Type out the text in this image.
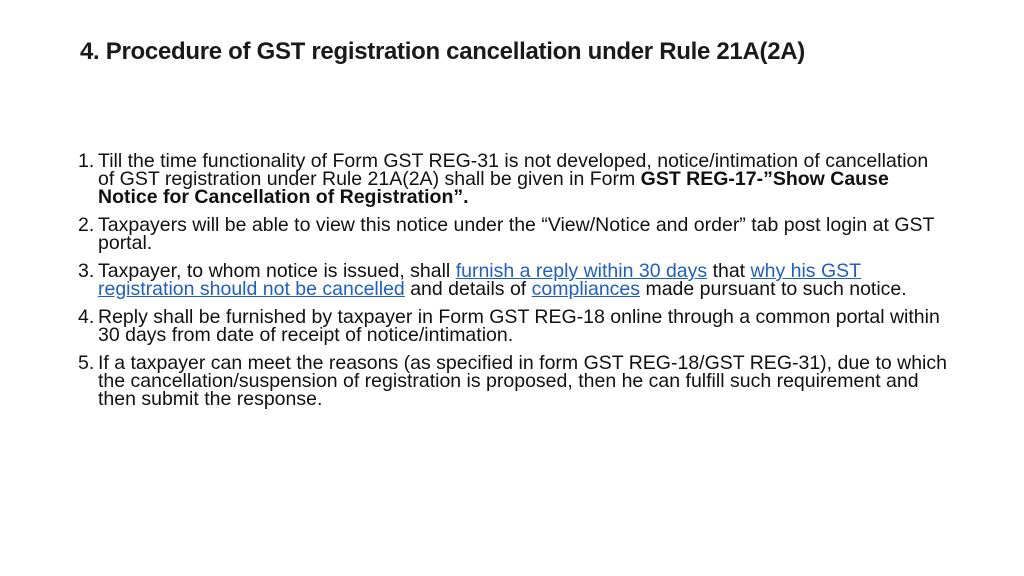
4. Procedure of GST registration cancellation under Rule 21A(2A)
1. Till the time functionality of Form GST REG-31 is not developed, notice/intimation of cancellation of GST registration under Rule 21A(2A) shall be given in Form GST REG-17-”Show Cause Notice for Cancellation of Registration”.
2. Taxpayers will be able to view this notice under the “View/Notice and order” tab post login at GST portal.
3. Taxpayer, to whom notice is issued, shall furnish a reply within 30 days that why his GST registration should not be cancelled and details of compliances made pursuant to such notice.
4. Reply shall be furnished by taxpayer in Form GST REG-18 online through a common portal within 30 days from date of receipt of notice/intimation.
5. If a taxpayer can meet the reasons (as specified in form GST REG-18/GST REG-31), due to which the cancellation/suspension of registration is proposed, then he can fulfill such requirement and then submit the response.
